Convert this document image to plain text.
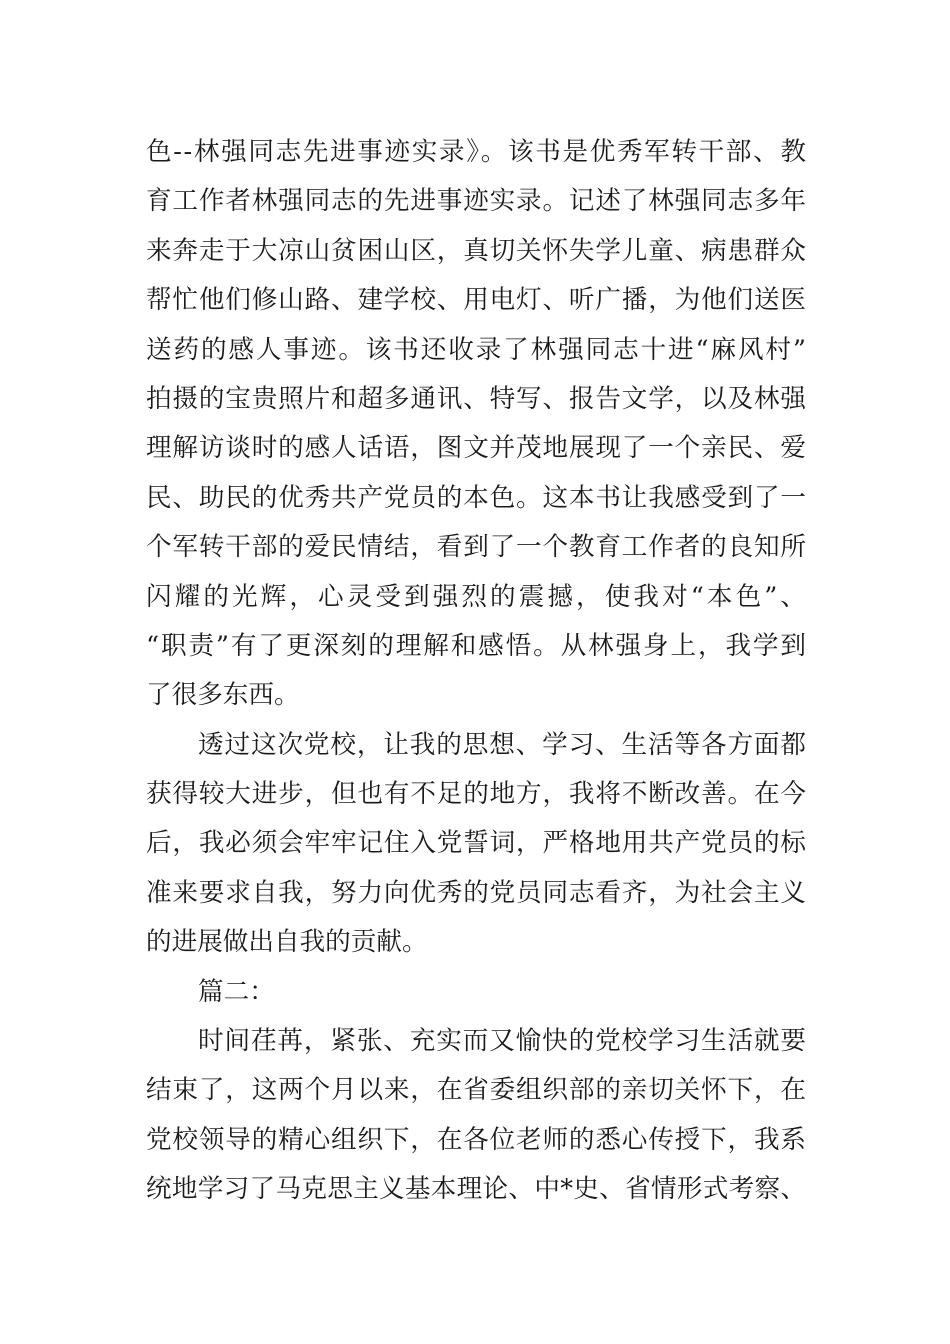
色--林强同志先进事迹实录》。该书是优秀军转干部、教
育工作者林强同志的先进事迹实录。记述了林强同志多年
来奔走于大凉山贫困山区，真切关怀失学儿童、病患群众
帮忙他们修山路、建学校、用电灯、听广播，为他们送医
送药的感人事迹。该书还收录了林强同志十进“麻风村”
拍摄的宝贵照片和超多通讯、特写、报告文学，以及林强
理解访谈时的感人话语，图文并茂地展现了一个亲民、爱
民、助民的优秀共产党员的本色。这本书让我感受到了一
个军转干部的爱民情结，看到了一个教育工作者的良知所
闪耀的光辉，心灵受到强烈的震撼，使我对“本色”、
“职责”有了更深刻的理解和感悟。从林强身上，我学到
了很多东西。
透过这次党校，让我的思想、学习、生活等各方面都
获得较大进步，但也有不足的地方，我将不断改善。在今
后，我必须会牢牢记住入党誓词，严格地用共产党员的标
准来要求自我，努力向优秀的党员同志看齐，为社会主义
的进展做出自我的贡献。
篇二：
时间荏苒，紧张、充实而又愉快的党校学习生活就要
结束了，这两个月以来，在省委组织部的亲切关怀下，在
党校领导的精心组织下，在各位老师的悉心传授下，我系
统地学习了马克思主义基本理论、中*史、省情形式考察、
